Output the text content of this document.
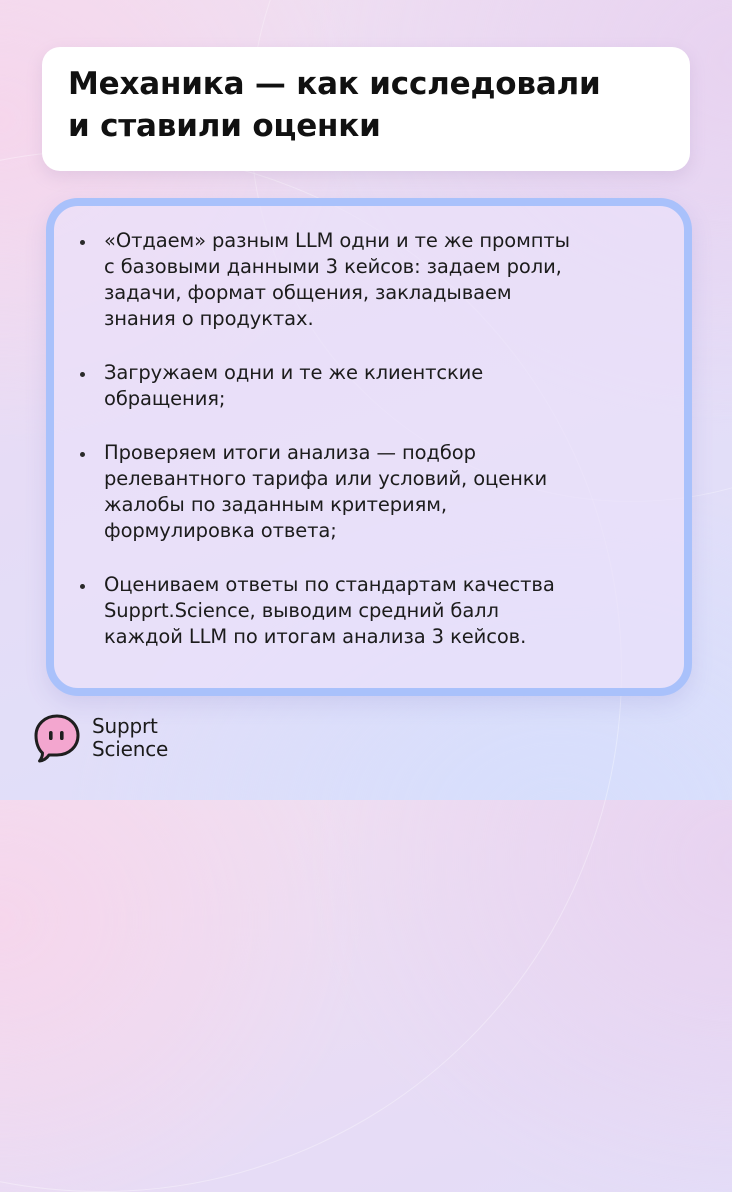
Механика — как исследовали
и ставили оценки
«Отдаем» разным LLM одни и те же промпты
с базовыми данными 3 кейсов: задаем роли,
задачи, формат общения, закладываем
знания о продуктах.
Загружаем одни и те же клиентские
обращения;
Проверяем итоги анализа — подбор
релевантного тарифа или условий, оценки
жалобы по заданным критериям,
формулировка ответа;
Оцениваем ответы по стандартам качества
Supprt.Science, выводим средний балл
каждой LLM по итогам анализа 3 кейсов.
Supprt
Science
